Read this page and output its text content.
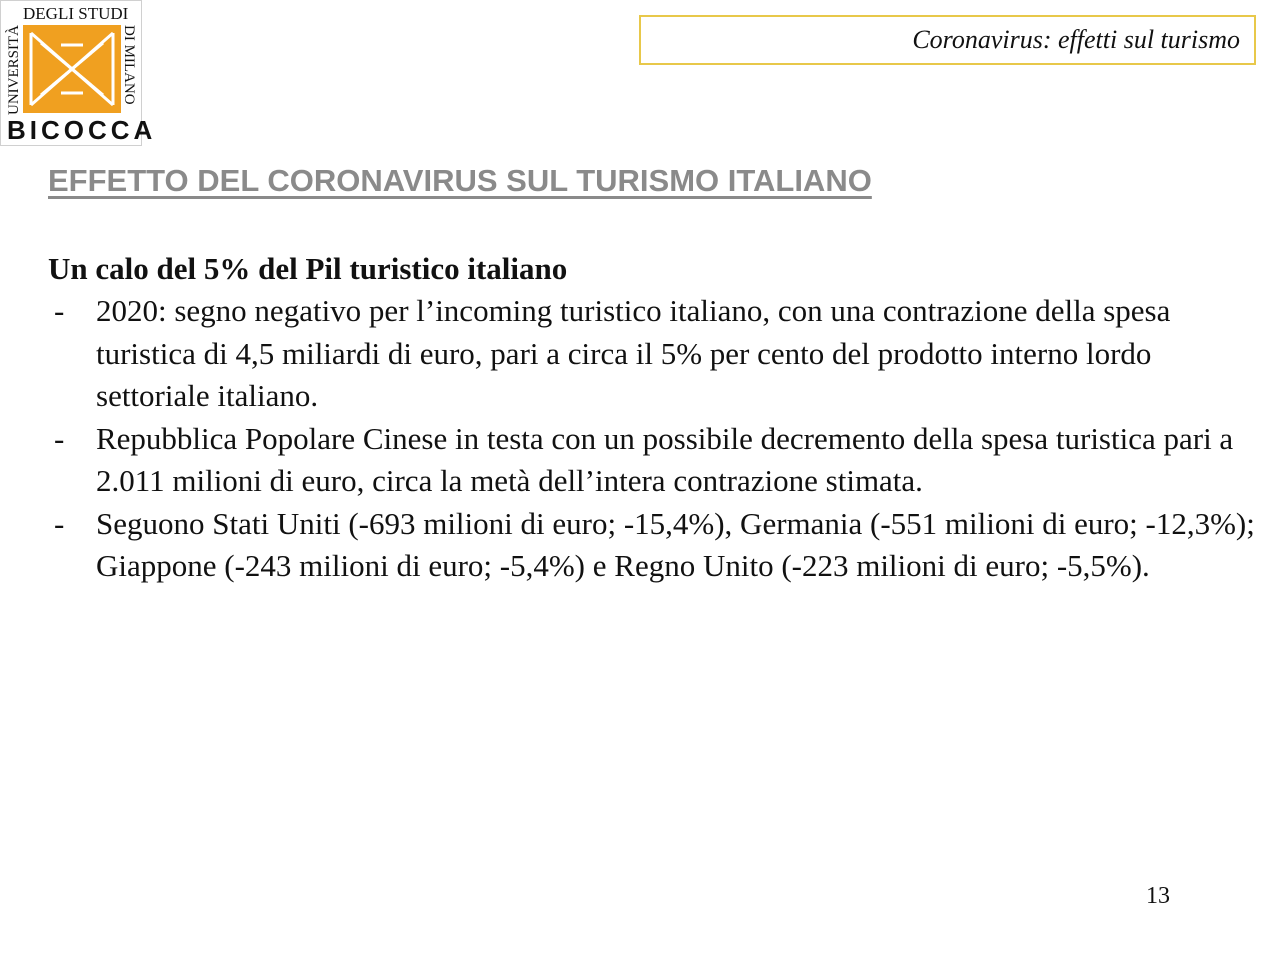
DEGLI STUDI
UNIVERSITÀ	DI MILANO
BICOCCA
Coronavirus: effetti sul turismo
EFFETTO DEL CORONAVIRUS SUL TURISMO ITALIANO

Un calo del 5% del Pil turistico italiano

- 2020: segno negativo per l’incoming turistico italiano, con una contrazione della spesa turistica di 4,5 miliardi di euro, pari a circa il 5% per cento del prodotto interno lordo settoriale italiano.
- Repubblica Popolare Cinese in testa con un possibile decremento della spesa turistica pari a 2.011 milioni di euro, circa la metà dell’intera contrazione stimata.
- Seguono Stati Uniti (-693 milioni di euro; -15,4%), Germania (-551 milioni di euro; -12,3%); Giappone (-243 milioni di euro; -5,4%) e Regno Unito (-223 milioni di euro; -5,5%).
13
